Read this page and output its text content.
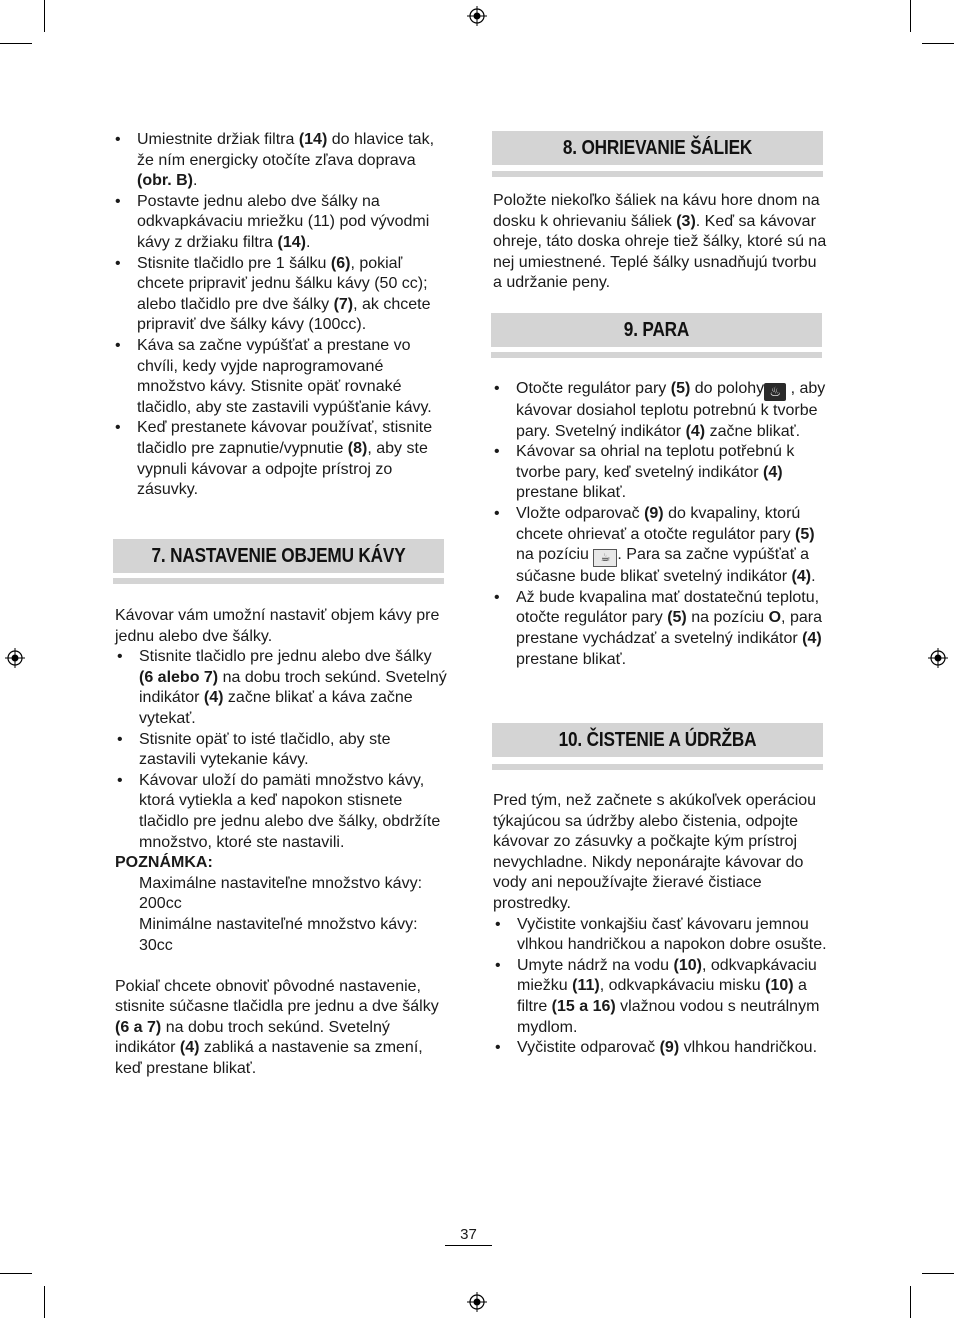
• Umiestnite držiak filtra (14) do hlavice tak, že ním energicky otočíte zľava doprava (obr. B).
• Postavte jednu alebo dve šálky na odkvapkávaciu mriežku (11) pod vývodmi kávy z držiaku filtra (14).
• Stisnite tlačidlo pre 1 šálku (6), pokiaľ chcete pripraviť jednu šálku kávy (50 cc); alebo tlačidlo pre dve šálky (7), ak chcete pripraviť dve šálky kávy (100cc).
• Káva sa začne vypúšťať a prestane vo chvíli, kedy vyjde naprogramované množstvo kávy. Stisnite opäť rovnaké tlačidlo, aby ste zastavili vypúšťanie kávy.
• Keď prestanete kávovar používať, stisnite tlačidlo pre zapnutie/vypnutie (8), aby ste vypnuli kávovar a odpojte prístroj zo zásuvky.
7. NASTAVENIE OBJEMU KÁVY

Kávovar vám umožní nastaviť objem kávy pre jednu alebo dve šálky.

• Stisnite tlačidlo pre jednu alebo dve šálky (6 alebo 7) na dobu troch sekúnd. Svetelný indikátor (4) začne blikať a káva začne vytekať.
• Stisnite opäť to isté tlačidlo, aby ste zastavili vytekanie kávy.
• Kávovar uloží do pamäti množstvo kávy, ktorá vytiekla a keď napokon stisnete tlačidlo pre jednu alebo dve šálky, obdržíte množstvo, ktoré ste nastavili.

POZNÁMKA:

Maximálne nastaviteľne množstvo kávy: 200cc

Minimálne nastaviteľné množstvo kávy: 30cc

Pokiaľ chcete obnoviť pôvodné nastavenie, stisnite súčasne tlačidla pre jednu a dve šálky (6 a 7) na dobu troch sekúnd. Svetelný indikátor (4) zabliká a nastavenie sa zmení, keď prestane blikať.

8. OHRIEVANIE ŠÁLIEK

Položte niekoľko šáliek na kávu hore dnom na dosku k ohrievaniu šáliek (3). Keď sa kávovar ohreje, táto doska ohreje tiež šálky, ktoré sú na nej umiestnené. Teplé šálky usnadňujú tvorbu a udržanie peny.

9. PARA
• Otočte regulátor pary (5) do polohy ♨ , aby kávovar dosiahol teplotu potrebnú k tvorbe pary. Svetelný indikátor (4) začne blikať.
• Kávovar sa ohrial na teplotu potřebnú k tvorbe pary, keď svetelný indikátor (4) prestane blikať.
• Vložte odparovač (9) do kvapaliny, ktorú chcete ohrievať a otočte regulátor pary (5) na pozíciu ☕ . Para sa začne vypúšťať a súčasne bude blikať svetelný indikátor (4).
• Až bude kvapalina mať dostatečnú teplotu, otočte regulátor pary (5) na pozíciu O, para prestane vychádzať a svetelný indikátor (4) prestane blikať.
10. ČISTENIE A ÚDRŽBA

Pred tým, než začnete s akúkoľvek operáciou týkajúcou sa údržby alebo čistenia, odpojte kávovar zo zásuvky a počkajte kým prístroj nevychladne. Nikdy neponárajte kávovar do vody ani nepoužívajte žieravé čistiace prostredky.

• Vyčistite vonkajšiu časť kávovaru jemnou vlhkou handričkou a napokon dobre osušte.
• Umyte nádrž na vodu (10), odkvapkávaciu miežku (11), odkvapkávaciu misku (10) a filtre (15 a 16) vlažnou vodou s neutrálnym mydlom.
• Vyčistite odparovač (9) vlhkou handričkou.
37
